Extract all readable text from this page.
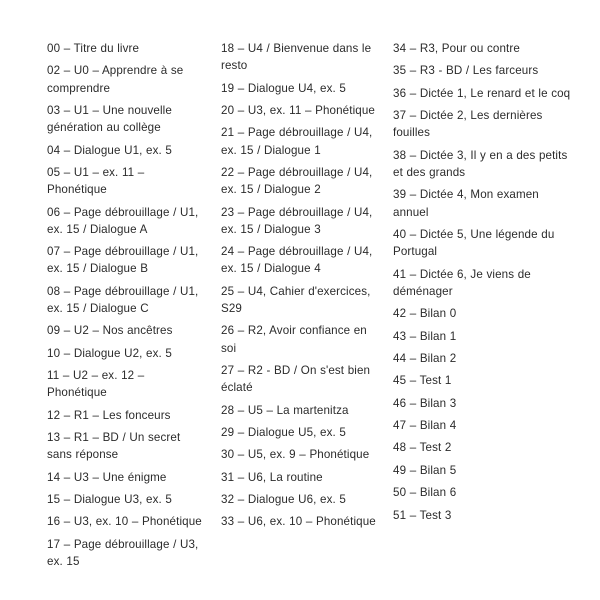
00 – Titre du livre

02 – U0 – Apprendre à se comprendre

03 – U1 – Une nouvelle génération au collège

04 – Dialogue U1, ex. 5

05 – U1 – ex. 11 – Phonétique

06 – Page débrouillage / U1, ex. 15 / Dialogue A

07 – Page débrouillage / U1, ex. 15 / Dialogue B

08 – Page débrouillage / U1, ex. 15 / Dialogue C

09 – U2 – Nos ancêtres

10 – Dialogue U2, ex. 5

11 – U2 – ex. 12 – Phonétique

12 – R1 – Les fonceurs

13 – R1 – BD / Un secret sans réponse

14 – U3 – Une énigme

15 – Dialogue U3, ex. 5

16 – U3, ex. 10 – Phonétique

17 – Page débrouillage / U3, ex. 15

18 – U4 / Bienvenue dans le resto

19 – Dialogue U4, ex. 5

20 – U3, ex. 11 – Phonétique

21 – Page débrouillage / U4, ex. 15 / Dialogue 1

22 – Page débrouillage / U4, ex. 15 / Dialogue 2

23 – Page débrouillage / U4, ex. 15 / Dialogue 3

24 – Page débrouillage / U4, ex. 15 / Dialogue 4

25 – U4, Cahier d'exercices, S29

26 – R2, Avoir confiance en soi

27 – R2 - BD / On s'est bien éclaté

28 – U5 – La martenitza

29 – Dialogue U5, ex. 5

30 – U5, ex. 9 – Phonétique

31 – U6, La routine

32 – Dialogue U6, ex. 5

33 – U6, ex. 10 – Phonétique

34 – R3, Pour ou contre

35 – R3 - BD / Les farceurs

36 – Dictée 1, Le renard et le coq

37 – Dictée 2, Les dernières fouilles

38 – Dictée 3, Il y en a des petits et des grands

39 – Dictée 4, Mon examen annuel

40 – Dictée 5, Une légende du Portugal

41 – Dictée 6, Je viens de déménager

42 – Bilan 0

43 – Bilan 1

44 – Bilan 2

45 – Test 1

46 – Bilan 3

47 – Bilan 4

48 – Test 2

49 – Bilan 5

50 – Bilan 6

51 – Test 3
